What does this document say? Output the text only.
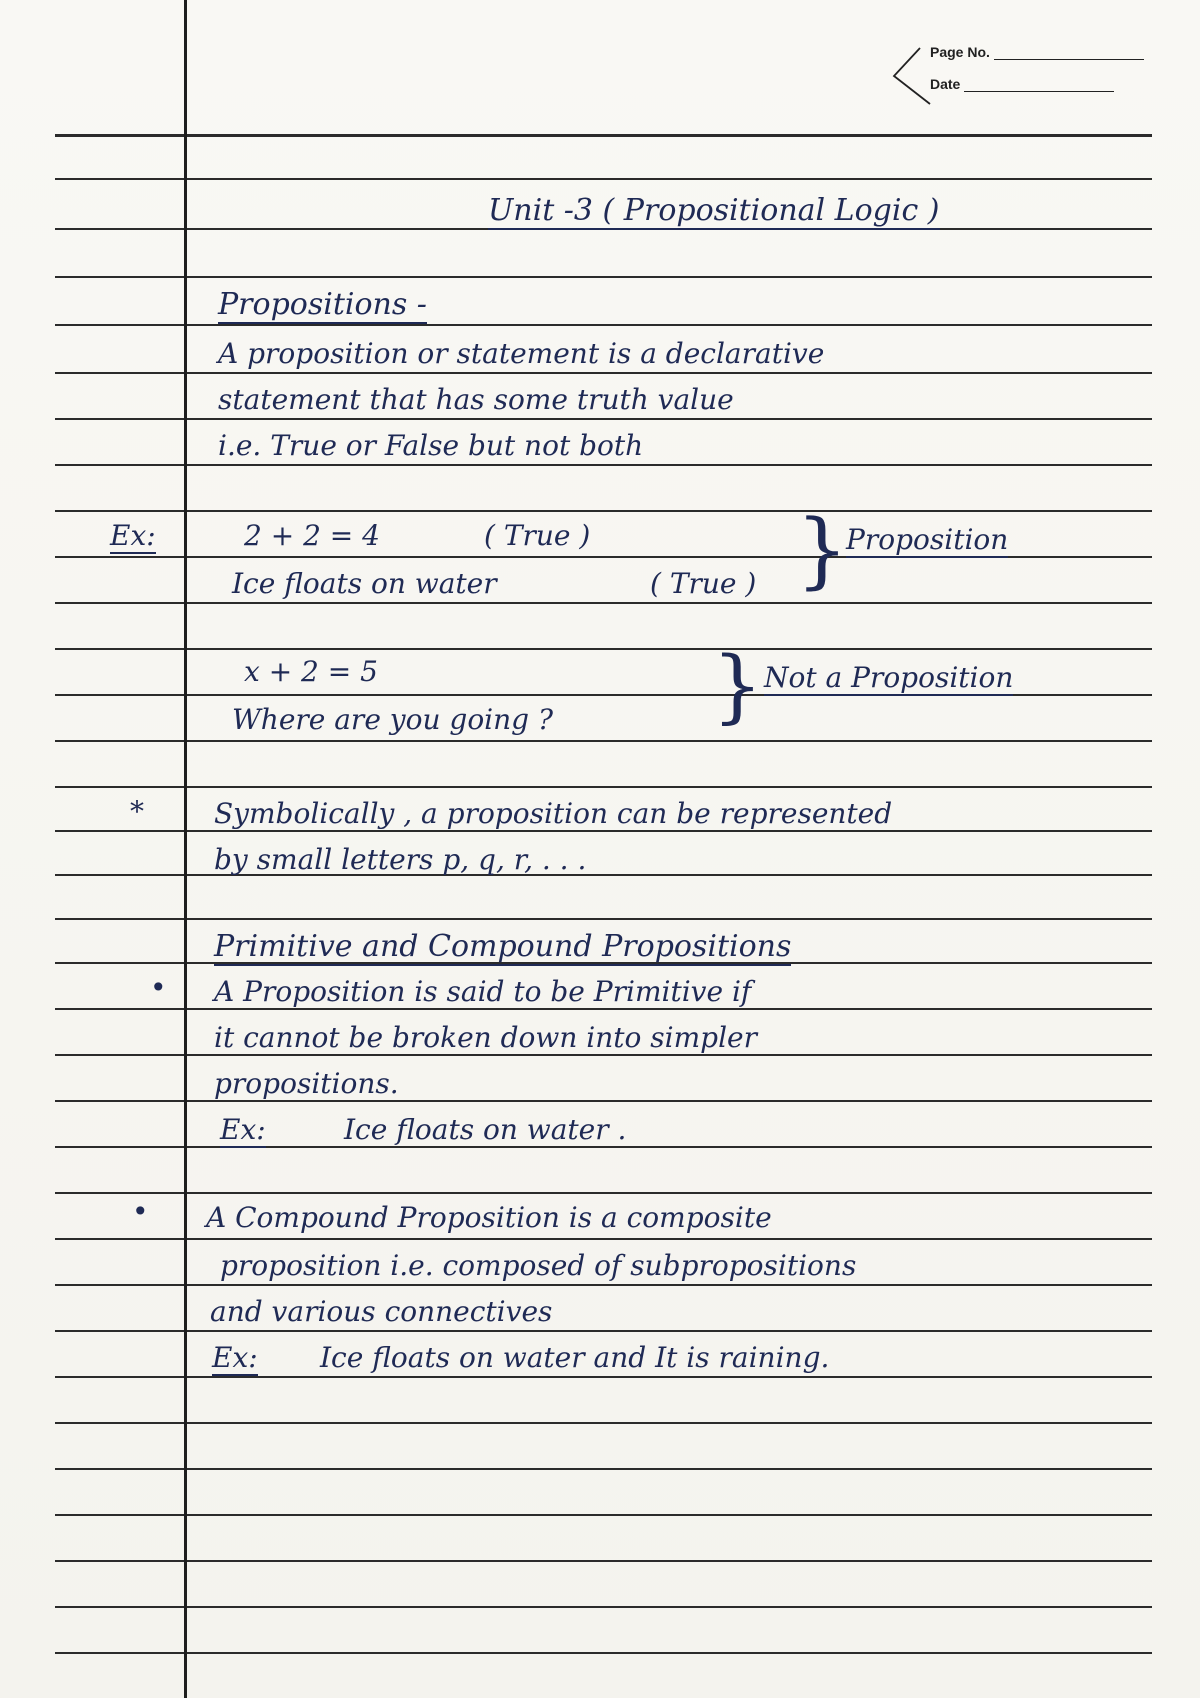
Page No.
Date
Unit -3 ( Propositional Logic )
Propositions -
A proposition or statement is a declarative
statement that has some truth value
i.e. True or False but not both
Ex:	2 + 2 = 4	( True )
Ice floats on water	( True ) }
Proposition
x + 2 = 5
Where are you going ? } Not a Proposition
*	Symbolically , a proposition can be represented
by small letters p, q, r, . . .
Primitive and Compound Propositions
• A Proposition is said to be Primitive if
it cannot be broken down into simpler
propositions.
Ex:	Ice floats on water .
• A Compound Proposition is a composite
proposition i.e. composed of subpropositions
and various connectives
Ex: Ice floats on water and It is raining.
